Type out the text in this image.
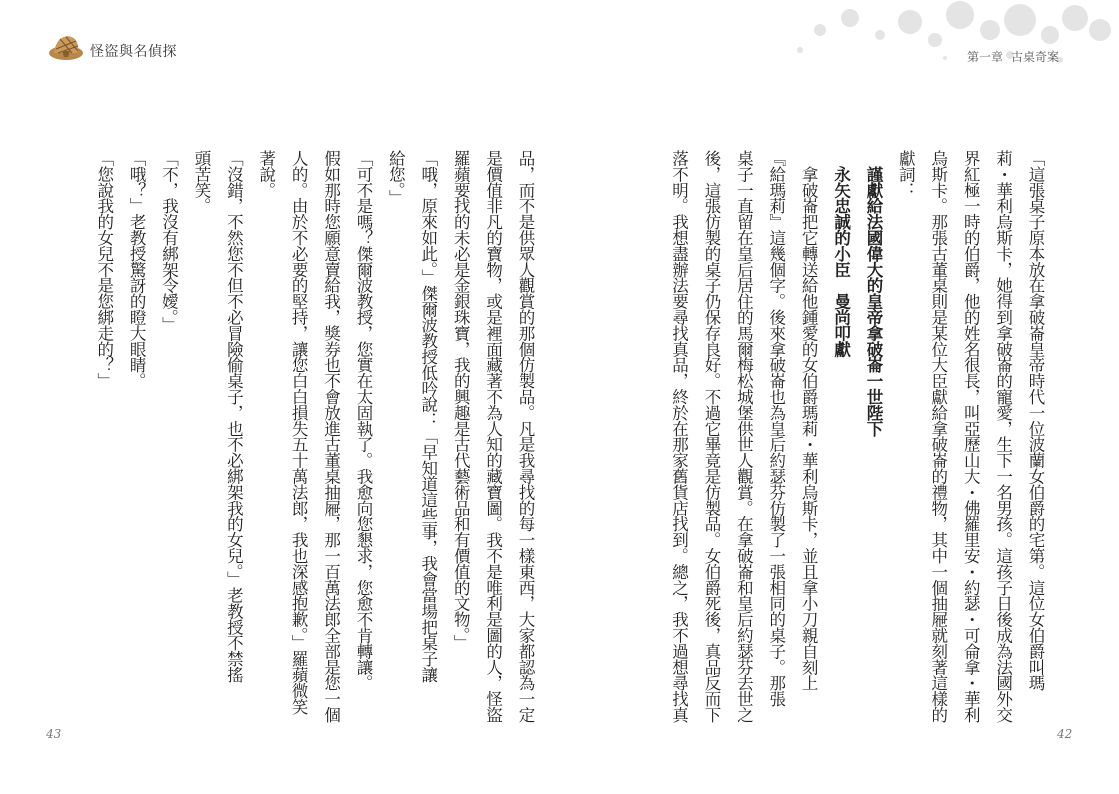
怪盜與名偵探	第一章 古桌奇案
「這張桌子原本放在拿破崙皇帝時代一位波蘭女伯爵的宅第。這位女伯爵叫瑪
莉・華利烏斯卡，她得到拿破崙的寵愛，生下一名男孩。這孩子日後成為法國外交
界紅極一時的伯爵，他的姓名很長，叫亞歷山大・佛羅里安・約瑟・可侖拿・華利
烏斯卡。那張古董桌則是某位大臣獻給拿破崙的禮物，其中一個抽屜就刻著這樣的
獻詞：
　謹獻給法國偉大的皇帝拿破崙一世陛下
　永矢忠誠的小臣　曼尚叩獻
　拿破崙把它轉送給他鍾愛的女伯爵瑪莉・華利烏斯卡，並且拿小刀親自刻上
『給瑪莉』這幾個字。後來拿破崙也為皇后約瑟芬仿製了一張相同的桌子。那張
桌子一直留在皇后居住的馬爾梅松城堡供世人觀賞。在拿破崙和皇后約瑟芬去世之
後，這張仿製的桌子仍保存良好。不過它畢竟是仿製品。女伯爵死後，真品反而下
落不明。我想盡辦法要尋找真品，終於在那家舊貨店找到。總之，我不過想尋找真
品，而不是供眾人觀賞的那個仿製品。凡是我尋找的每一樣東西，大家都認為一定
是價值非凡的寶物，或是裡面藏著不為人知的藏寶圖。我不是唯利是圖的人，怪盜
羅蘋要找的未必是金銀珠寶，我的興趣是古代藝術品和有價值的文物。」
「哦，原來如此。」傑爾波教授低吟說：「早知道這些事，我會當場把桌子讓
給您。」
「可不是嗎？傑爾波教授，您實在太固執了。我愈向您懇求，您愈不肯轉讓。
假如那時您願意賣給我，獎券也不會放進古董桌抽屜，那一百萬法郎全部是您一個
人的。由於不必要的堅持，讓您白白損失五十萬法郎，我也深感抱歉。」羅蘋微笑
著說。
「沒錯，不然您不但不必冒險偷桌子，也不必綁架我的女兒。」老教授不禁搖
頭苦笑。
「不，我沒有綁架令嬡。」
「哦？」老教授驚訝的瞪大眼睛。
「您說我的女兒不是您綁走的？」
43	42
